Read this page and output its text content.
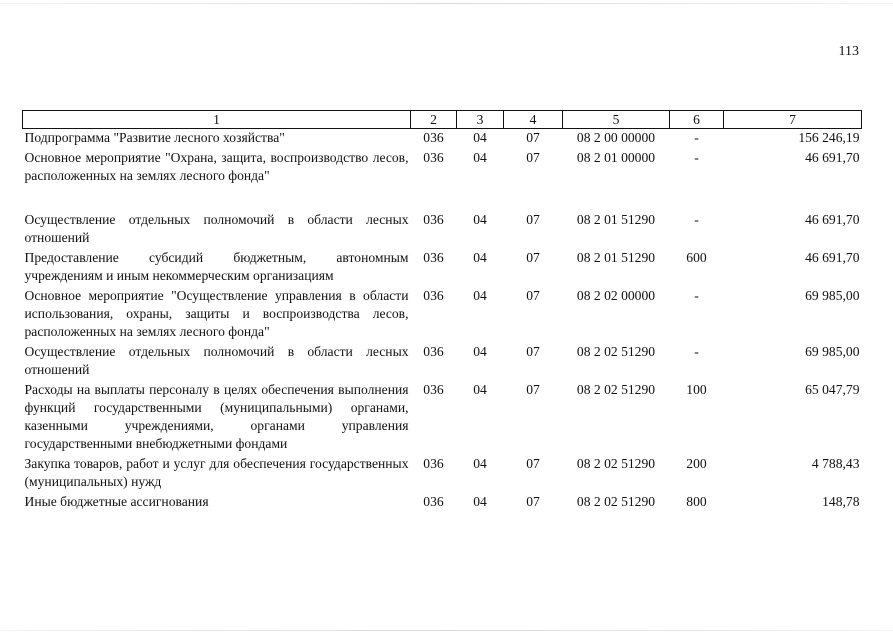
113
1	2	3	4	5	6	7
Подпрограмма "Развитие лесного хозяйства"	036	04	07	08 2 00 00000	-	156 246,19
Основное мероприятие "Охрана, защита, воспроизводство лесов, расположенных на землях лесного фонда"	036	04	07	08 2 01 00000	-	46 691,70
Осуществление отдельных полномочий в области лесных отношений	036	04	07	08 2 01 51290	-	46 691,70
Предоставление субсидий бюджетным, автономным учреждениям и иным некоммерческим организациям	036	04	07	08 2 01 51290	600	46 691,70
Основное мероприятие "Осуществление управления в области использования, охраны, защиты и воспроизводства лесов, расположенных на землях лесного фонда"	036	04	07	08 2 02 00000	-	69 985,00
Осуществление отдельных полномочий в области лесных отношений	036	04	07	08 2 02 51290	-	69 985,00
Расходы на выплаты персоналу в целях обеспечения выполнения функций государственными (муниципальными) органами, казенными учреждениями, органами управления государственными внебюджетными фондами	036	04	07	08 2 02 51290	100	65 047,79
Закупка товаров, работ и услуг для обеспечения государственных (муниципальных) нужд	036	04	07	08 2 02 51290	200	4 788,43
Иные бюджетные ассигнования	036	04	07	08 2 02 51290	800	148,78
